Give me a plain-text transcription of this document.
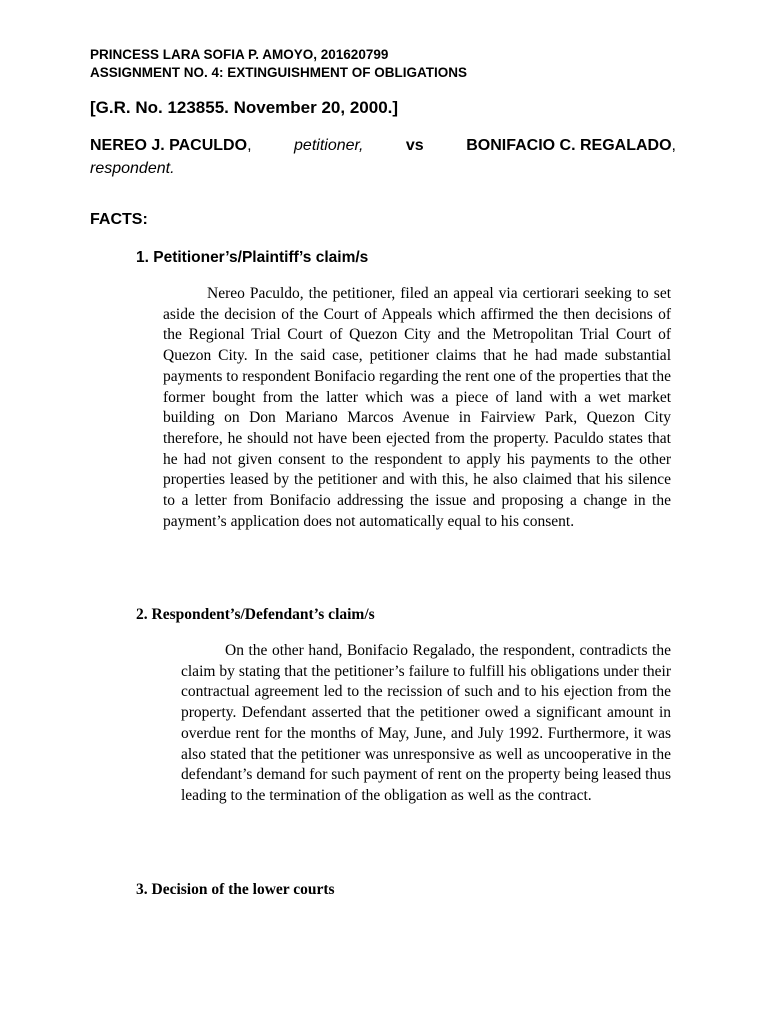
PRINCESS LARA SOFIA P. AMOYO, 201620799
ASSIGNMENT NO. 4: EXTINGUISHMENT OF OBLIGATIONS
[G.R. No. 123855. November 20, 2000.]
NEREO J. PACULDO,	petitioner,	vs	BONIFACIO C. REGALADO,
respondent.
FACTS:
1. Petitioner’s/Plaintiff’s claim/s
Nereo Paculdo, the petitioner, filed an appeal via certiorari seeking to set aside the decision of the Court of Appeals which affirmed the then decisions of the Regional Trial Court of Quezon City and the Metropolitan Trial Court of Quezon City. In the said case, petitioner claims that he had made substantial payments to respondent Bonifacio regarding the rent one of the properties that the former bought from the latter which was a piece of land with a wet market building on Don Mariano Marcos Avenue in Fairview Park, Quezon City therefore, he should not have been ejected from the property. Paculdo states that he had not given consent to the respondent to apply his payments to the other properties leased by the petitioner and with this, he also claimed that his silence to a letter from Bonifacio addressing the issue and proposing a change in the payment’s application does not automatically equal to his consent.
2. Respondent’s/Defendant’s claim/s
On the other hand, Bonifacio Regalado, the respondent, contradicts the claim by stating that the petitioner’s failure to fulfill his obligations under their contractual agreement led to the recission of such and to his ejection from the property. Defendant asserted that the petitioner owed a significant amount in overdue rent for the months of May, June, and July 1992. Furthermore, it was also stated that the petitioner was unresponsive as well as uncooperative in the defendant’s demand for such payment of rent on the property being leased thus leading to the termination of the obligation as well as the contract.
3. Decision of the lower courts
